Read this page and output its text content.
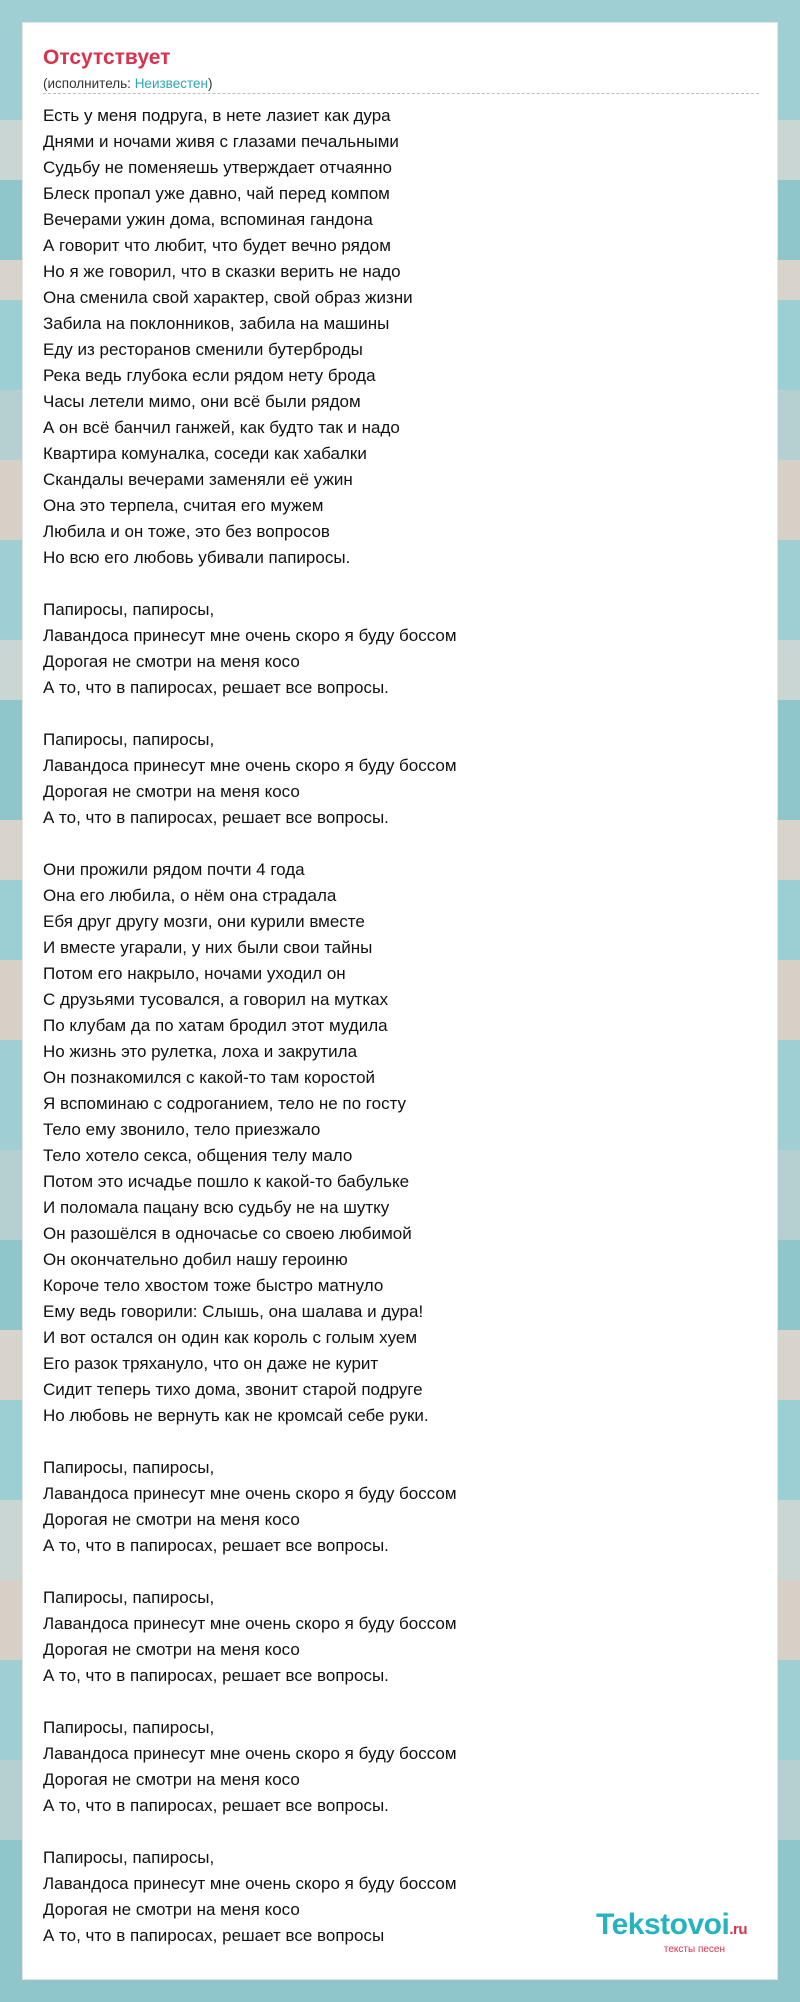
Отсутствует
(исполнитель: Неизвестен)
Есть у меня подруга, в нете лазиет как дура
Днями и ночами живя с глазами печальными
Судьбу не поменяешь утверждает отчаянно
Блеск пропал уже давно, чай перед компом
Вечерами ужин дома, вспоминая гандона
А говорит что любит, что будет вечно рядом
Но я же говорил, что в сказки верить не надо
Она сменила свой характер, свой образ жизни
Забила на поклонников, забила на машины
Еду из ресторанов сменили бутерброды
Река ведь глубока если рядом нету брода
Часы летели мимо, они всё были рядом
А он всё банчил ганжей, как будто так и надо
Квартира комуналка, соседи как хабалки
Скандалы вечерами заменяли её ужин
Она это терпела, считая его мужем
Любила и он тоже, это без вопросов
Но всю его любовь убивали папиросы.
Папиросы, папиросы,
Лавандоса принесут мне очень скоро я буду боссом
Дорогая не смотри на меня косо
А то, что в папиросах, решает все вопросы.
Папиросы, папиросы,
Лавандоса принесут мне очень скоро я буду боссом
Дорогая не смотри на меня косо
А то, что в папиросах, решает все вопросы.
Они прожили рядом почти 4 года
Она его любила, о нём она страдала
Ебя друг другу мозги, они курили вместе
И вместе угарали, у них были свои тайны
Потом его накрыло, ночами уходил он
С друзьями тусовался, а говорил на мутках
По клубам да по хатам бродил этот мудила
Но жизнь это рулетка, лоха и закрутила
Он познакомился с какой-то там коростой
Я вспоминаю с содроганием, тело не по госту
Тело ему звонило, тело приезжало
Тело хотело секса, общения телу мало
Потом это исчадье пошло к какой-то бабульке
И поломала пацану всю судьбу не на шутку
Он разошёлся в одночасье со своею любимой
Он окончательно добил нашу героиню
Короче тело хвостом тоже быстро матнуло
Ему ведь говорили: Слышь, она шалава и дура!
И вот остался он один как король с голым хуем
Его разок тряхануло, что он даже не курит
Сидит теперь тихо дома, звонит старой подруге
Но любовь не вернуть как не кромсай себе руки.
Папиросы, папиросы,
Лавандоса принесут мне очень скоро я буду боссом
Дорогая не смотри на меня косо
А то, что в папиросах, решает все вопросы.
Папиросы, папиросы,
Лавандоса принесут мне очень скоро я буду боссом
Дорогая не смотри на меня косо
А то, что в папиросах, решает все вопросы.
Папиросы, папиросы,
Лавандоса принесут мне очень скоро я буду боссом
Дорогая не смотри на меня косо
А то, что в папиросах, решает все вопросы.
Папиросы, папиросы,
Лавандоса принесут мне очень скоро я буду боссом
Дорогая не смотри на меня косо
А то, что в папиросах, решает все вопросы	Tekstovoi.ru
тексты песен
